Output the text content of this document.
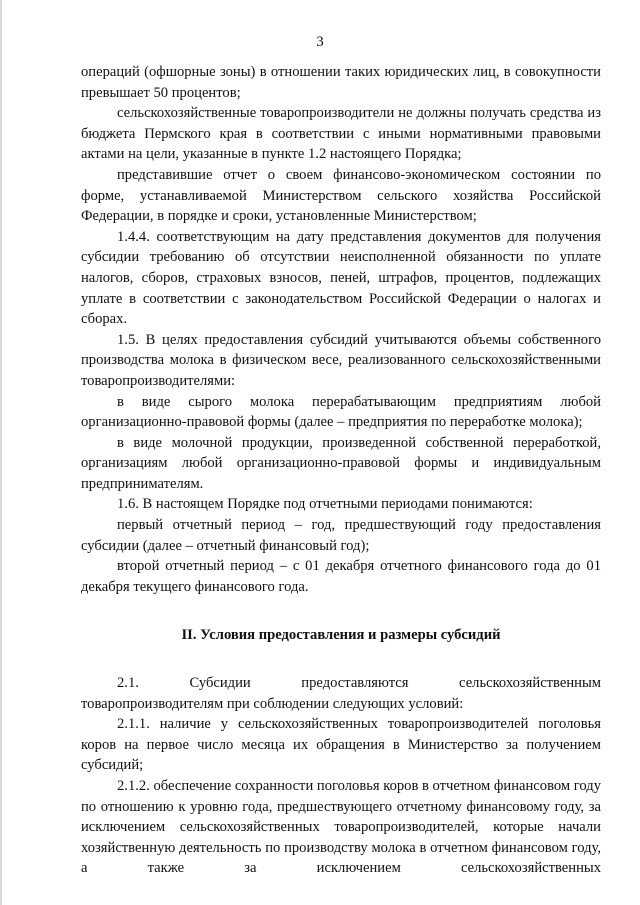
3

операций (офшорные зоны) в отношении таких юридических лиц, в совокупности превышает 50 процентов;

сельскохозяйственные товаропроизводители не должны получать средства из бюджета Пермского края в соответствии с иными нормативными правовыми актами на цели, указанные в пункте 1.2 настоящего Порядка;

представившие отчет о своем финансово-экономическом состоянии по форме, устанавливаемой Министерством сельского хозяйства Российской Федерации, в порядке и сроки, установленные Министерством;

1.4.4. соответствующим на дату представления документов для получения субсидии требованию об отсутствии неисполненной обязанности по уплате налогов, сборов, страховых взносов, пеней, штрафов, процентов, подлежащих уплате в соответствии с законодательством Российской Федерации о налогах и сборах.

1.5. В целях предоставления субсидий учитываются объемы собственного производства молока в физическом весе, реализованного сельскохозяйственными товаропроизводителями:

в виде сырого молока перерабатывающим предприятиям любой организационно-правовой формы (далее – предприятия по переработке молока);

в виде молочной продукции, произведенной собственной переработкой, организациям любой организационно-правовой формы и индивидуальным предпринимателям.

1.6. В настоящем Порядке под отчетными периодами понимаются:

первый отчетный период – год, предшествующий году предоставления субсидии (далее – отчетный финансовый год);

второй отчетный период – с 01 декабря отчетного финансового года до 01 декабря текущего финансового года.

II. Условия предоставления и размеры субсидий

2.1. Субсидии предоставляются сельскохозяйственным товаропроизводителям при соблюдении следующих условий:

2.1.1. наличие у сельскохозяйственных товаропроизводителей поголовья коров на первое число месяца их обращения в Министерство за получением субсидий;

2.1.2. обеспечение сохранности поголовья коров в отчетном финансовом году по отношению к уровню года, предшествующего отчетному финансовому году, за исключением сельскохозяйственных товаропроизводителей, которые начали хозяйственную деятельность по производству молока в отчетном финансовом году, а также за исключением сельскохозяйственных
